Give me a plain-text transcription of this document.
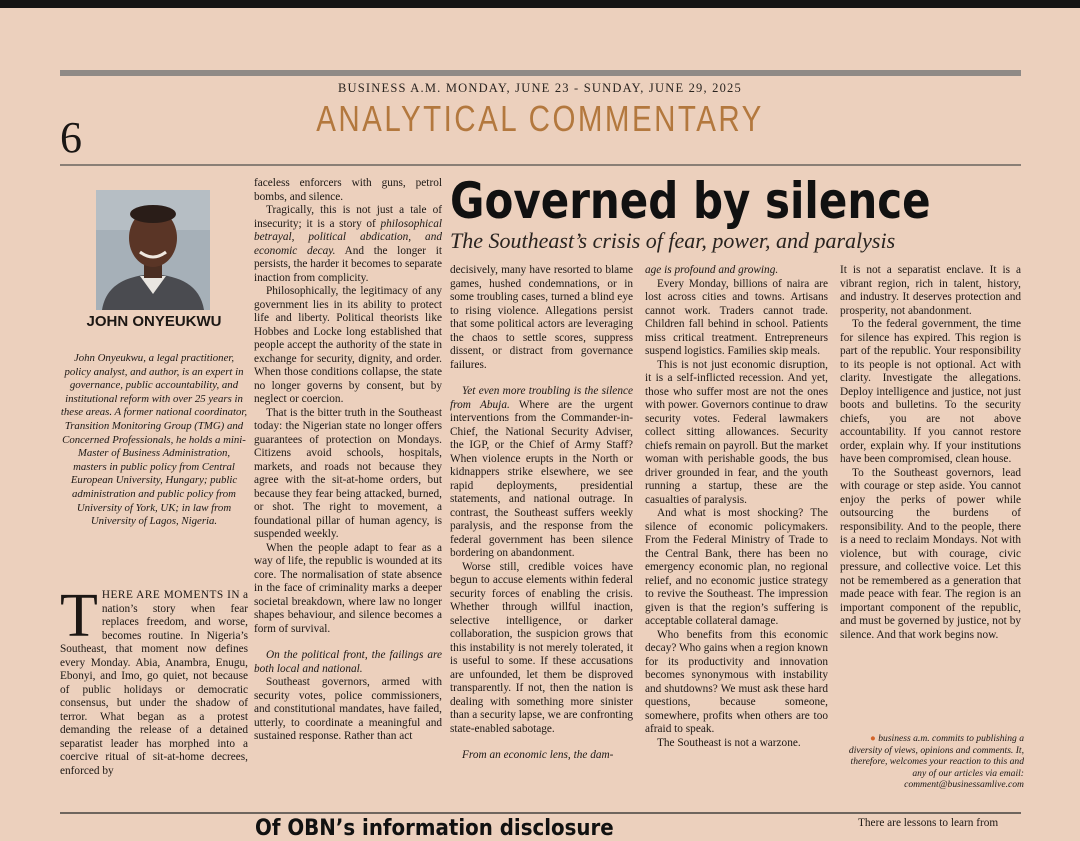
BUSINESS A.M. MONDAY, JUNE 23 - SUNDAY, JUNE 29, 2025
ANALYTICAL COMMENTARY
6
JOHN ONYEUKWU
John Onyeukwu, a legal practitioner, policy analyst, and author, is an expert in governance, public accountability, and institutional reform with over 25 years in these areas. A former national coordinator, Transition Monitoring Group (TMG) and Concerned Professionals, he holds a mini-Master of Business Administration, masters in public policy from Central European University, Hungary; public administration and public policy from University of York, UK; in law from University of Lagos, Nigeria.
THERE ARE MOMENTS IN a nation’s story when fear replaces freedom, and worse, becomes routine. In Nigeria’s Southeast, that moment now defines every Monday. Abia, Anambra, Enugu, Ebonyi, and Imo, go quiet, not because of public holidays or democratic consensus, but under the shadow of terror. What began as a protest demanding the release of a detained separatist leader has morphed into a coercive ritual of sit-at-home decrees, enforced by

faceless enforcers with guns, petrol bombs, and silence.

Tragically, this is not just a tale of insecurity; it is a story of philosophical betrayal, political abdication, and economic decay. And the longer it persists, the harder it becomes to separate inaction from complicity.

Philosophically, the legitimacy of any government lies in its ability to protect life and liberty. Political theorists like Hobbes and Locke long established that people accept the authority of the state in exchange for security, dignity, and order. When those conditions collapse, the state no longer governs by consent, but by neglect or coercion.

That is the bitter truth in the Southeast today: the Nigerian state no longer offers guarantees of protection on Mondays. Citizens avoid schools, hospitals, markets, and roads not because they agree with the sit-at-home orders, but because they fear being attacked, burned, or shot. The right to movement, a foundational pillar of human agency, is suspended weekly.

When the people adapt to fear as a way of life, the republic is wounded at its core. The normalisation of state absence in the face of criminality marks a deeper societal breakdown, where law no longer shapes behaviour, and silence becomes a form of survival.

On the political front, the failings are both local and national.

Southeast governors, armed with security votes, police commissioners, and constitutional mandates, have failed, utterly, to coordinate a meaningful and sustained response. Rather than act

Governed by silence
The Southeast’s crisis of fear, power, and paralysis

decisively, many have resorted to blame games, hushed condemnations, or in some troubling cases, turned a blind eye to rising violence. Allegations persist that some political actors are leveraging the chaos to settle scores, suppress dissent, or distract from governance failures.

Yet even more troubling is the silence from Abuja. Where are the urgent interventions from the Commander-in-Chief, the National Security Adviser, the IGP, or the Chief of Army Staff? When violence erupts in the North or kidnappers strike elsewhere, we see rapid deployments, presidential statements, and national outrage. In contrast, the Southeast suffers weekly paralysis, and the response from the federal government has been silence bordering on abandonment.

Worse still, credible voices have begun to accuse elements within federal security forces of enabling the crisis. Whether through willful inaction, selective intelligence, or darker collaboration, the suspicion grows that this instability is not merely tolerated, it is useful to some. If these accusations are unfounded, let them be disproved transparently. If not, then the nation is dealing with something more sinister than a security lapse, we are confronting state-enabled sabotage.

From an economic lens, the dam-

age is profound and growing.

Every Monday, billions of naira are lost across cities and towns. Artisans cannot work. Traders cannot trade. Children fall behind in school. Patients miss critical treatment. Entrepreneurs suspend logistics. Families skip meals.

This is not just economic disruption, it is a self-inflicted recession. And yet, those who suffer most are not the ones with power. Governors continue to draw security votes. Federal lawmakers collect sitting allowances. Security chiefs remain on payroll. But the market woman with perishable goods, the bus driver grounded in fear, and the youth running a startup, these are the casualties of paralysis.

And what is most shocking? The silence of economic policymakers. From the Federal Ministry of Trade to the Central Bank, there has been no emergency economic plan, no regional relief, and no economic justice strategy to revive the Southeast. The impression given is that the region’s suffering is acceptable collateral damage.

Who benefits from this economic decay? Who gains when a region known for its productivity and innovation becomes synonymous with instability and shutdowns? We must ask these hard questions, because someone, somewhere, profits when others are too afraid to speak.

The Southeast is not a warzone.

It is not a separatist enclave. It is a vibrant region, rich in talent, history, and industry. It deserves protection and prosperity, not abandonment.

To the federal government, the time for silence has expired. This region is part of the republic. Your responsibility to its people is not optional. Act with clarity. Investigate the allegations. Deploy intelligence and justice, not just boots and bulletins. To the security chiefs, you are not above accountability. If you cannot restore order, explain why. If your institutions have been compromised, clean house.

To the Southeast governors, lead with courage or step aside. You cannot enjoy the perks of power while outsourcing the burdens of responsibility. And to the people, there is a need to reclaim Mondays. Not with violence, but with courage, civic pressure, and collective voice. Let this not be remembered as a generation that made peace with fear. The region is an important component of the republic, and must be governed by justice, not by silence. And that work begins now.

● business a.m. commits to publishing a diversity of views, opinions and comments. It, therefore, welcomes your reaction to this and any of our articles via email: comment@businessamlive.com
Of OBN’s information disclosure	There are lessons to learn from
